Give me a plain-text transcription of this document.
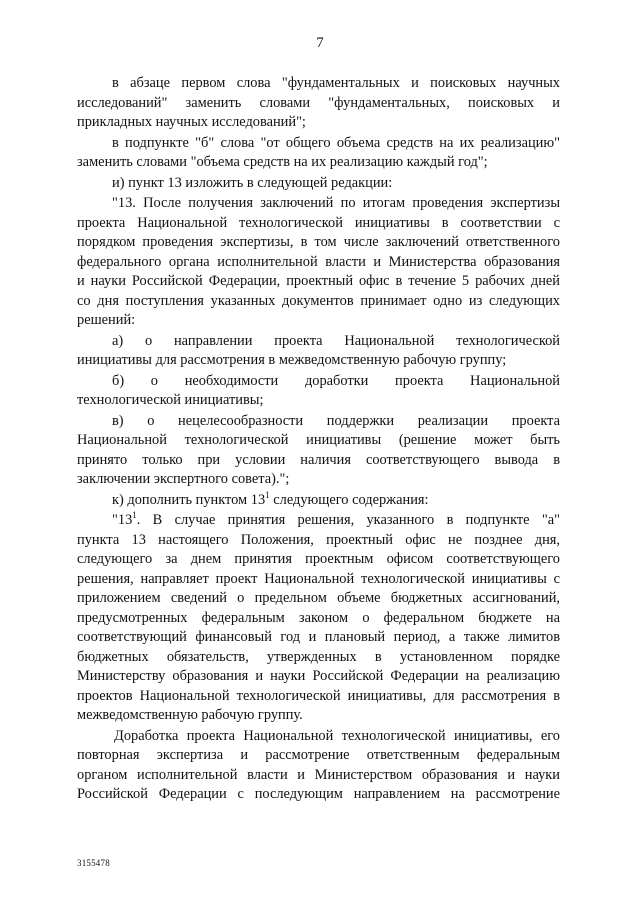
7
в абзаце первом слова "фундаментальных и поисковых научных
исследований" заменить словами "фундаментальных, поисковых и
прикладных научных исследований";
в подпункте "б" слова "от общего объема средств на их реализацию"
заменить словами "объема средств на их реализацию каждый год";
и) пункт 13 изложить в следующей редакции:
"13. После получения заключений по итогам проведения экспертизы
проекта Национальной технологической инициативы в соответствии с
порядком проведения экспертизы, в том числе заключений ответственного
федерального органа исполнительной власти и Министерства образования
и науки Российской Федерации, проектный офис в течение 5 рабочих дней
со дня поступления указанных документов принимает одно из следующих
решений:
а) о направлении проекта Национальной технологической
инициативы для рассмотрения в межведомственную рабочую группу;
б) о необходимости доработки проекта Национальной
технологической инициативы;
в) о нецелесообразности поддержки реализации проекта
Национальной технологической инициативы (решение может быть
принято только при условии наличия соответствующего вывода в
заключении экспертного совета).";
к) дополнить пунктом $13^1$ следующего содержания:
"$13^1$. В случае принятия решения, указанного в подпункте "а"
пункта 13 настоящего Положения, проектный офис не позднее дня,
следующего за днем принятия проектным офисом соответствующего
решения, направляет проект Национальной технологической инициативы с
приложением сведений о предельном объеме бюджетных ассигнований,
предусмотренных федеральным законом о федеральном бюджете на
соответствующий финансовый год и плановый период, а также лимитов
бюджетных обязательств, утвержденных в установленном порядке
Министерству образования и науки Российской Федерации на реализацию
проектов Национальной технологической инициативы, для рассмотрения в
межведомственную рабочую группу.
Доработка проекта Национальной технологической инициативы, его
повторная экспертиза и рассмотрение ответственным федеральным
органом исполнительной власти и Министерством образования и науки
Российской Федерации с последующим направлением на рассмотрение
3155478
